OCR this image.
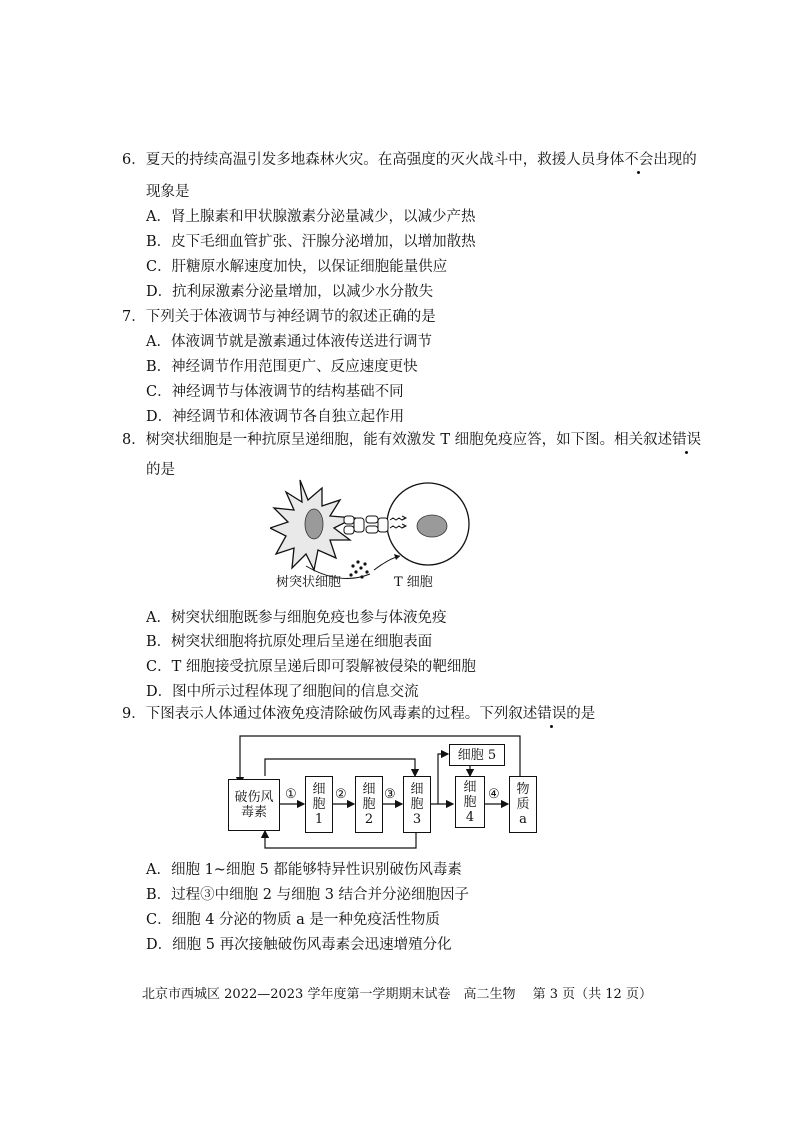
6．夏天的持续高温引发多地森林火灾。在高强度的灭火战斗中，救援人员身体不会出现的
现象是
A．肾上腺素和甲状腺激素分泌量减少，以减少产热
B．皮下毛细血管扩张、汗腺分泌增加，以增加散热
C．肝糖原水解速度加快，以保证细胞能量供应
D．抗利尿激素分泌量增加，以减少水分散失
7．下列关于体液调节与神经调节的叙述正确的是
A．体液调节就是激素通过体液传送进行调节
B．神经调节作用范围更广、反应速度更快
C．神经调节与体液调节的结构基础不同
D．神经调节和体液调节各自独立起作用
8．树突状细胞是一种抗原呈递细胞，能有效激发 T 细胞免疫应答，如下图。相关叙述错误
的是
树突状细胞	T 细胞
A．树突状细胞既参与细胞免疫也参与体液免疫
B．树突状细胞将抗原处理后呈递在细胞表面
C．T 细胞接受抗原呈递后即可裂解被侵染的靶细胞
D．图中所示过程体现了细胞间的信息交流
9．下图表示人体通过体液免疫清除破伤风毒素的过程。下列叙述错误的是
破伤风
毒素
细
胞
1
细
胞
2
细
胞
3
细
胞
4
细胞 5
物
质
a
①	②	③	④
A．细胞 1~细胞 5 都能够特异性识别破伤风毒素
B．过程③中细胞 2 与细胞 3 结合并分泌细胞因子
C．细胞 4 分泌的物质 a 是一种免疫活性物质
D．细胞 5 再次接触破伤风毒素会迅速增殖分化
北京市西城区 2022—2023 学年度第一学期期末试卷　高二生物　 第 3 页（共 12 页）
